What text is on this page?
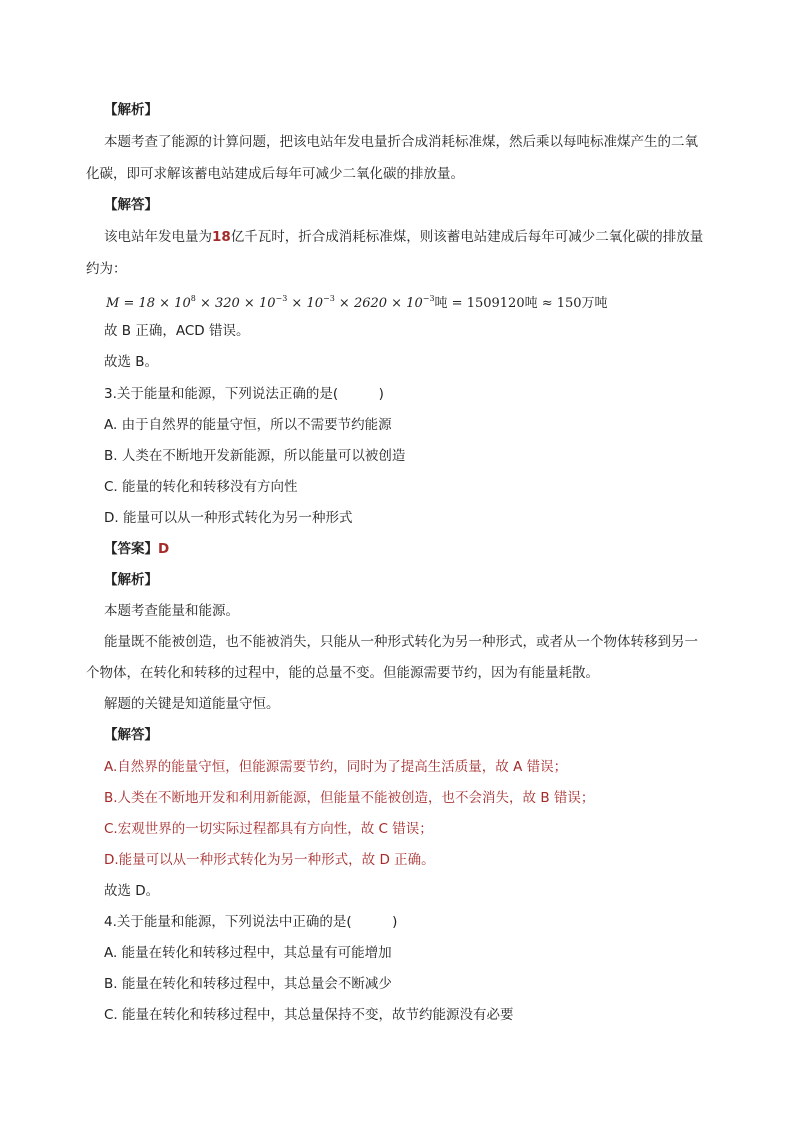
【解析】
本题考查了能源的计算问题，把该电站年发电量折合成消耗标准煤，然后乘以每吨标准煤产生的二氧
化碳，即可求解该蓄电站建成后每年可减少二氧化碳的排放量。
【解答】
该电站年发电量为18亿千瓦时，折合成消耗标准煤，则该蓄电站建成后每年可减少二氧化碳的排放量
约为：
$M = 18 \times 10^8 \times 320 \times 10^{-3} \times 10^{-3} \times 2620 \times 10^{-3}$吨 = 1509120吨 ≈ 150万吨
故 B 正确，ACD 错误。
故选 B。
3.关于能量和能源，下列说法正确的是(　　　)
A. 由于自然界的能量守恒，所以不需要节约能源
B. 人类在不断地开发新能源，所以能量可以被创造
C. 能量的转化和转移没有方向性
D. 能量可以从一种形式转化为另一种形式
【答案】D
【解析】
本题考查能量和能源。
能量既不能被创造，也不能被消失，只能从一种形式转化为另一种形式，或者从一个物体转移到另一
个物体，在转化和转移的过程中，能的总量不变。但能源需要节约，因为有能量耗散。
解题的关键是知道能量守恒。
【解答】
A.自然界的能量守恒，但能源需要节约，同时为了提高生活质量，故 A 错误；
B.人类在不断地开发和利用新能源，但能量不能被创造，也不会消失，故 B 错误；
C.宏观世界的一切实际过程都具有方向性，故 C 错误；
D.能量可以从一种形式转化为另一种形式，故 D 正确。
故选 D。
4.关于能量和能源，下列说法中正确的是(　　　)
A. 能量在转化和转移过程中，其总量有可能增加
B. 能量在转化和转移过程中，其总量会不断减少
C. 能量在转化和转移过程中，其总量保持不变，故节约能源没有必要
